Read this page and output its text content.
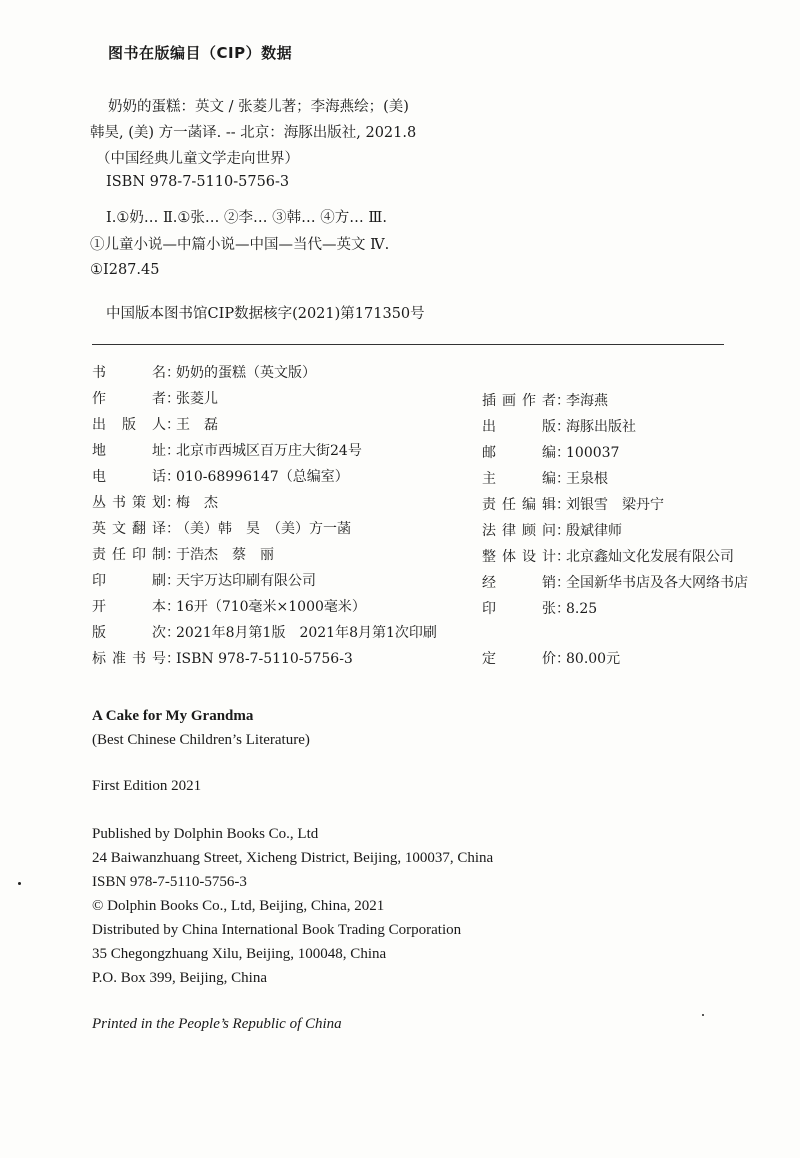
图书在版编目（CIP）数据
奶奶的蛋糕：英文 / 张菱儿著；李海燕绘；(美)
韩昊, (美) 方一菡译. -- 北京：海豚出版社, 2021.8
（中国经典儿童文学走向世界）
ISBN 978-7-5110-5756-3
Ⅰ.①奶… Ⅱ.①张… ②李… ③韩… ④方… Ⅲ.
①儿童小说—中篇小说—中国—当代—英文 Ⅳ.
①I287.45
中国版本图书馆CIP数据核字(2021)第171350号
书名：奶奶的蛋糕（英文版）
作者：张菱儿
出版人：王　磊
地址：北京市西城区百万庄大街24号
电话：010-68996147（总编室）
丛书策划：梅　杰
英文翻译：（美）韩　昊　（美）方一菡
责任印制：于浩杰　蔡　丽
印刷：天宇万达印刷有限公司
开本：16开（710毫米×1000毫米）
版次：2021年8月第1版　2021年8月第1次印刷
标准书号：ISBN 978-7-5110-5756-3
插画作者：李海燕
出版：海豚出版社
邮编：100037
主编：王泉根
责任编辑：刘银雪　梁丹宁
法律顾问：殷斌律师
整体设计：北京鑫灿文化发展有限公司
经销：全国新华书店及各大网络书店
印张：8.25
定价：80.00元
A Cake for My Grandma
(Best Chinese Children’s Literature)
First Edition 2021
Published by Dolphin Books Co., Ltd
24 Baiwanzhuang Street, Xicheng District, Beijing, 100037, China
ISBN 978-7-5110-5756-3
© Dolphin Books Co., Ltd, Beijing, China, 2021
Distributed by China International Book Trading Corporation
35 Chegongzhuang Xilu, Beijing, 100048, China
P.O. Box 399, Beijing, China
Printed in the People’s Republic of China
